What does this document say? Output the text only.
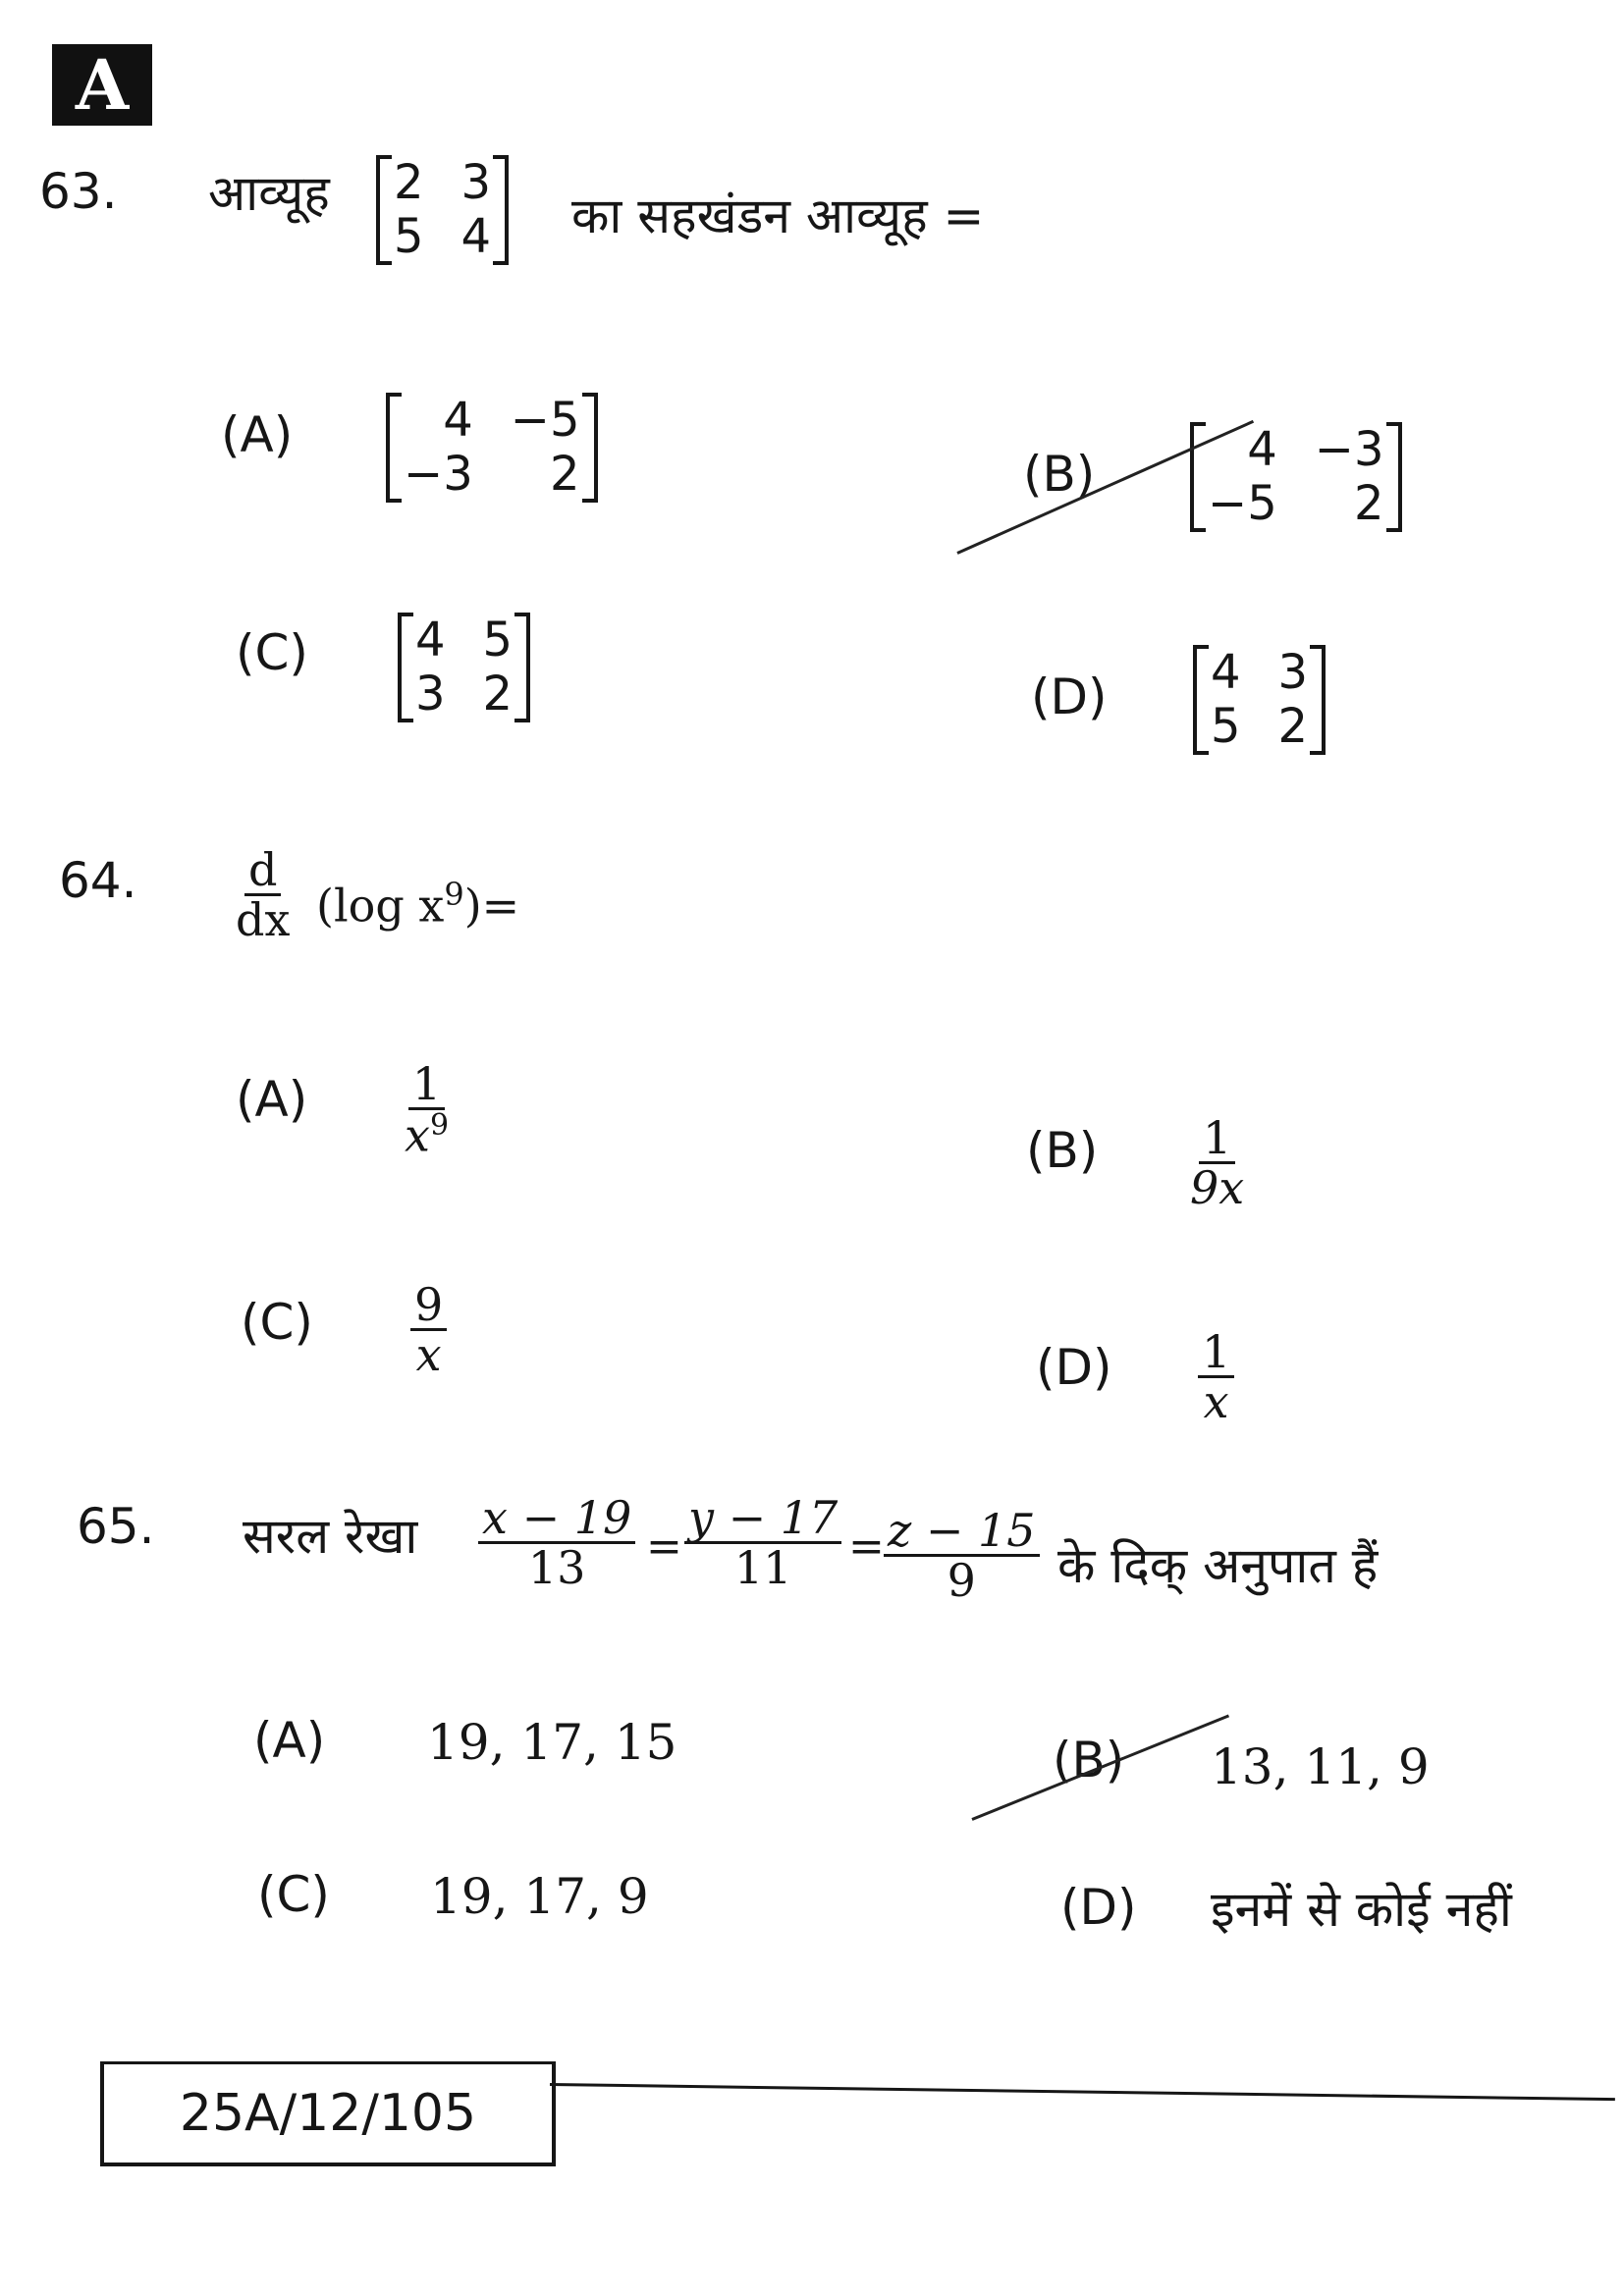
A
63. आव्यूह 2 3
5 4 का सहखंडन आव्यूह =
(A)	4 −5
−3	2	(B)	4 −3
−5	2
(C) 4 5
3 2	(D) 4 3
5 2
64. $\frac{d}{dx} (\log$ $x^9)=$
$(A) \frac{1}{x^9}$	$(B) \frac{1}{9x}$
$(C) \frac{9}{x}$	$(D) \frac{1}{x}$
65. सरल रेखा $\frac{x - 19}{13} = \frac{y - 17}{11} = \frac{z - 15}{9}$ के दिक् अनुपात हैं
(A) 19, 17, 15	(B) 13, 11, 9
(C) 19, 17, 9	(D) इनमें से कोई नहीं
25A/12/105
